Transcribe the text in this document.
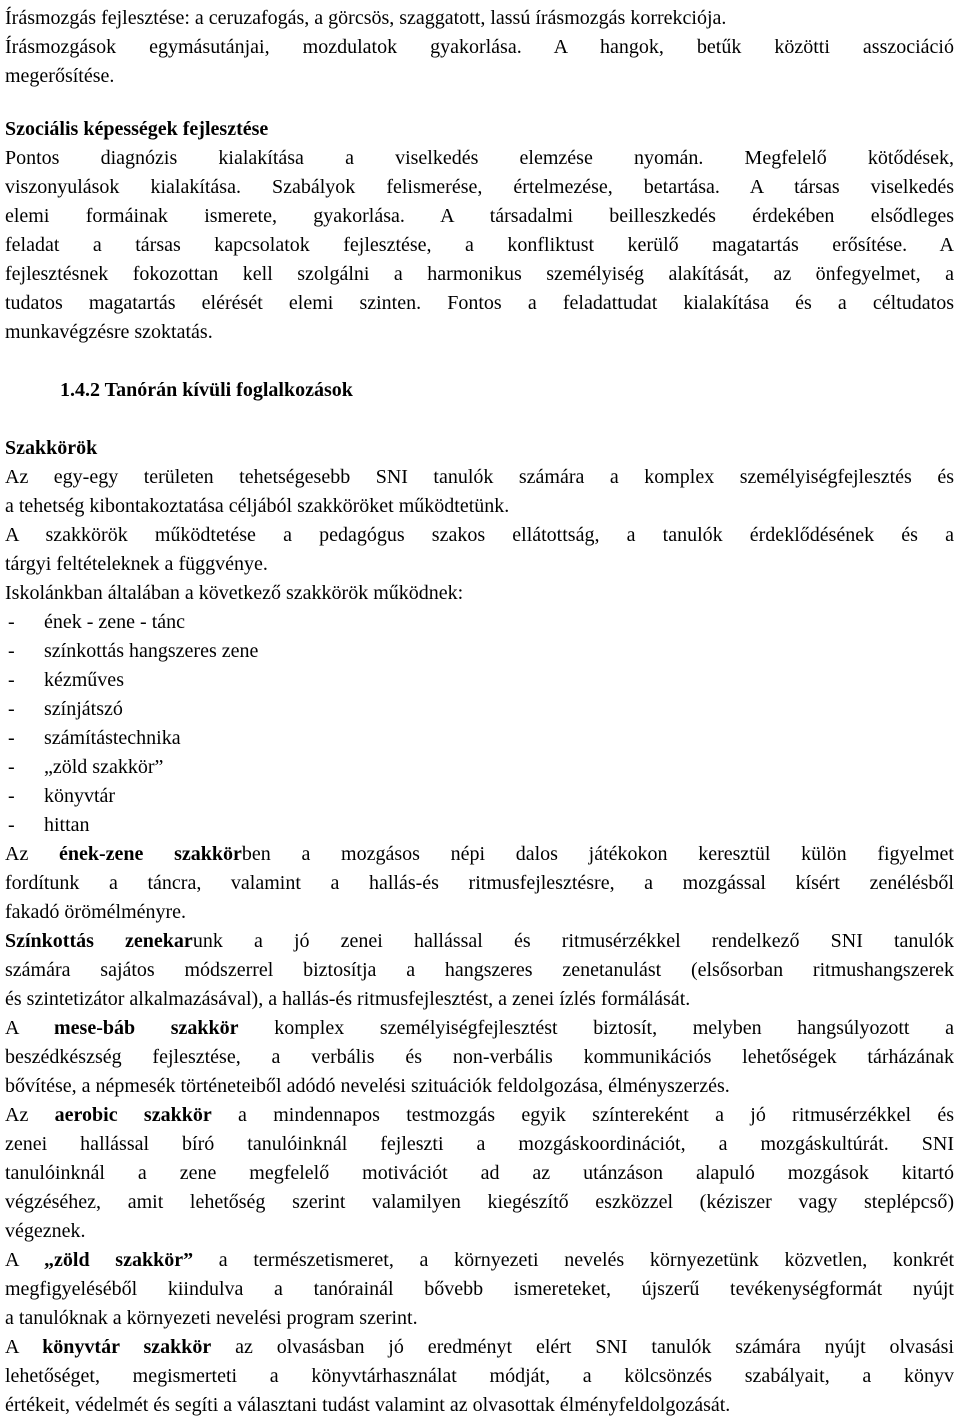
Írásmozgás fejlesztése: a ceruzafogás, a görcsös, szaggatott, lassú írásmozgás korrekciója.
Írásmozgások egymásutánjai, mozdulatok gyakorlása. A hangok, betűk közötti asszociáció
megerősítése.
Szociális képességek fejlesztése
Pontos diagnózis kialakítása a viselkedés elemzése nyomán. Megfelelő kötődések,
viszonyulások kialakítása. Szabályok felismerése, értelmezése, betartása. A társas viselkedés
elemi formáinak ismerete, gyakorlása. A társadalmi beilleszkedés érdekében elsődleges
feladat a társas kapcsolatok fejlesztése, a konfliktust kerülő magatartás erősítése. A
fejlesztésnek fokozottan kell szolgálni a harmonikus személyiség alakítását, az önfegyelmet, a
tudatos magatartás elérését elemi szinten. Fontos a feladattudat kialakítása és a céltudatos
munkavégzésre szoktatás.
1.4.2 Tanórán kívüli foglalkozások
Szakkörök
Az egy-egy területen tehetségesebb SNI tanulók számára a komplex személyiségfejlesztés és
a tehetség kibontakoztatása céljából szakköröket működtetünk.
A szakkörök működtetése a pedagógus szakos ellátottság, a tanulók érdeklődésének és a
tárgyi feltételeknek a függvénye.
Iskolánkban általában a következő szakkörök működnek:
- ének - zene - tánc
- színkottás hangszeres zene
- kézműves
- színjátszó
- számítástechnika
- „zöld szakkör”
- könyvtár
- hittan
Az ének-zene szakkörben a mozgásos népi dalos játékokon keresztül külön figyelmet
fordítunk a táncra, valamint a hallás-és ritmusfejlesztésre, a mozgással kísért zenélésből
fakadó örömélményre.
Színkottás zenekarunk a jó zenei hallással és ritmusérzékkel rendelkező SNI tanulók
számára sajátos módszerrel biztosítja a hangszeres zenetanulást (elsősorban ritmushangszerek
és szintetizátor alkalmazásával), a hallás-és ritmusfejlesztést, a zenei ízlés formálását.
A mese-báb szakkör komplex személyiségfejlesztést biztosít, melyben hangsúlyozott a
beszédkészség fejlesztése, a verbális és non-verbális kommunikációs lehetőségek tárházának
bővítése, a népmesék történeteiből adódó nevelési szituációk feldolgozása, élményszerzés.
Az aerobic szakkör a mindennapos testmozgás egyik színtereként a jó ritmusérzékkel és
zenei hallással bíró tanulóinknál fejleszti a mozgáskoordinációt, a mozgáskultúrát. SNI
tanulóinknál a zene megfelelő motivációt ad az utánzáson alapuló mozgások kitartó
végzéséhez, amit lehetőség szerint valamilyen kiegészítő eszközzel (kéziszer vagy steplépcső)
végeznek.
A „zöld szakkör” a természetismeret, a környezeti nevelés környezetünk közvetlen, konkrét
megfigyeléséből kiindulva a tanórainál bővebb ismereteket, újszerű tevékenységformát nyújt
a tanulóknak a környezeti nevelési program szerint.
A könyvtár szakkör az olvasásban jó eredményt elért SNI tanulók számára nyújt olvasási
lehetőséget, megismerteti a könyvtárhasználat módját, a kölcsönzés szabályait, a könyv
értékeit, védelmét és segíti a választani tudást valamint az olvasottak élményfeldolgozását.
